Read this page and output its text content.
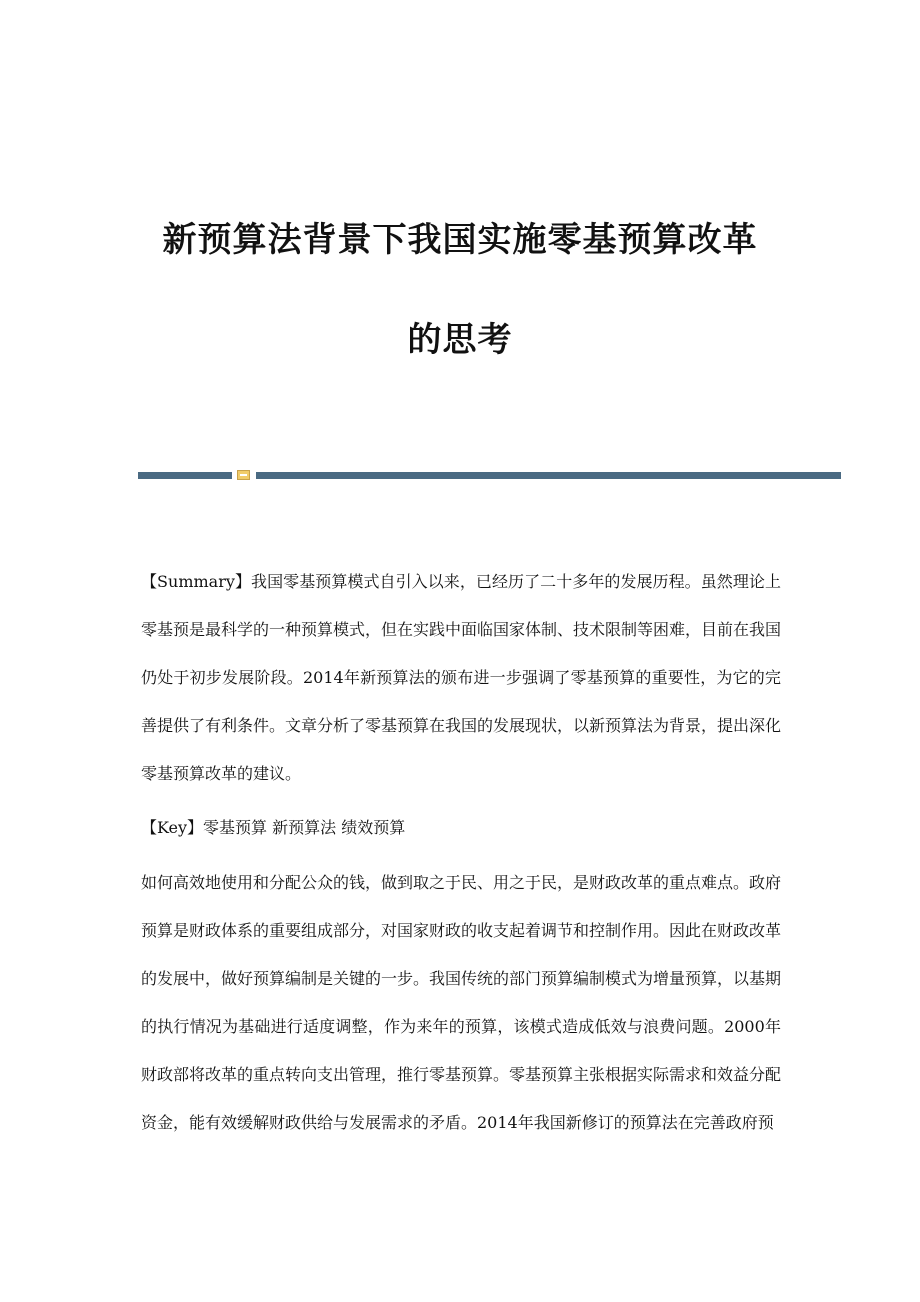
新预算法背景下我国实施零基预算改革
的思考

【Summary】我国零基预算模式自引入以来，已经历了二十多年的发展历程。虽然理论上零基预是最科学的一种预算模式，但在实践中面临国家体制、技术限制等困难，目前在我国仍处于初步发展阶段。2014年新预算法的颁布进一步强调了零基预算的重要性，为它的完善提供了有利条件。文章分析了零基预算在我国的发展现状，以新预算法为背景，提出深化零基预算改革的建议。

【Key】零基预算 新预算法 绩效预算

如何高效地使用和分配公众的钱，做到取之于民、用之于民，是财政改革的重点难点。政府预算是财政体系的重要组成部分，对国家财政的收支起着调节和控制作用。因此在财政改革的发展中，做好预算编制是关键的一步。我国传统的部门预算编制模式为增量预算，以基期的执行情况为基础进行适度调整，作为来年的预算，该模式造成低效与浪费问题。2000年财政部将改革的重点转向支出管理，推行零基预算。零基预算主张根据实际需求和效益分配资金，能有效缓解财政供给与发展需求的矛盾。2014年我国新修订的预算法在完善政府预
